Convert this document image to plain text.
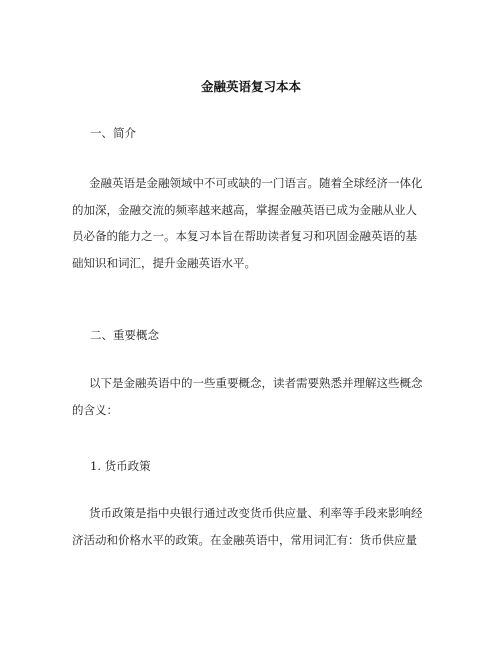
金融英语复习本本
一、简介
金融英语是金融领域中不可或缺的一门语言。随着全球经济一体化
的加深，金融交流的频率越来越高，掌握金融英语已成为金融从业人
员必备的能力之一。本复习本旨在帮助读者复习和巩固金融英语的基
础知识和词汇，提升金融英语水平。
二、重要概念
以下是金融英语中的一些重要概念，读者需要熟悉并理解这些概念
的含义：
1. 货币政策
货币政策是指中央银行通过改变货币供应量、利率等手段来影响经
济活动和价格水平的政策。在金融英语中，常用词汇有：货币供应量
